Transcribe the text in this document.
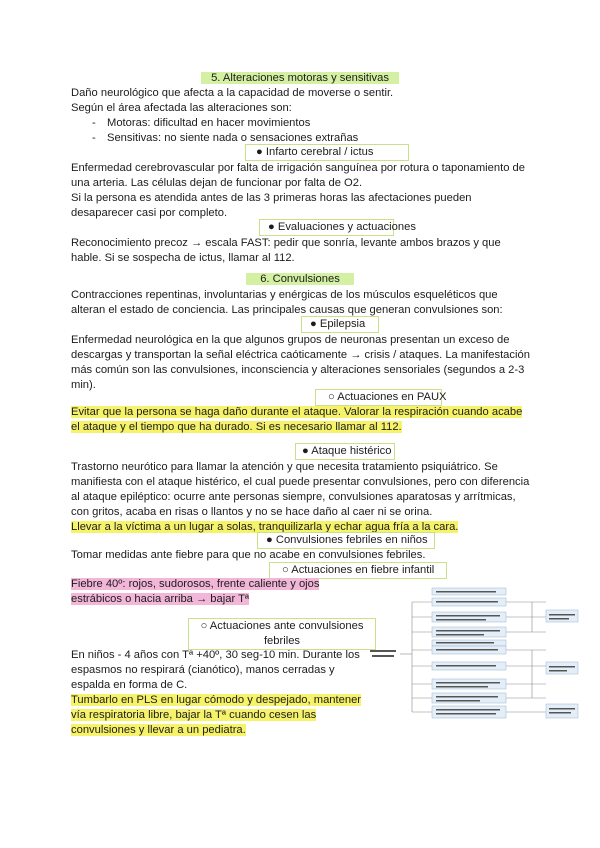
5. Alteraciones motoras y sensitivas
Daño neurológico que afecta a la capacidad de moverse o sentir.
Según el área afectada las alteraciones son:
- Motoras: dificultad en hacer movimientos
- Sensitivas: no siente nada o sensaciones extrañas
● Infarto cerebral / ictus
Enfermedad cerebrovascular por falta de irrigación sanguínea por rotura o taponamiento de
una arteria. Las células dejan de funcionar por falta de O2.
Si la persona es atendida antes de las 3 primeras horas las afectaciones pueden
desaparecer casi por completo.
● Evaluaciones y actuaciones
Reconocimiento precoz → escala FAST: pedir que sonría, levante ambos brazos y que
hable. Si se sospecha de ictus, llamar al 112.
6. Convulsiones
Contracciones repentinas, involuntarias y enérgicas de los músculos esqueléticos que
alteran el estado de conciencia. Las principales causas que generan convulsiones son:
● Epilepsia
Enfermedad neurológica en la que algunos grupos de neuronas presentan un exceso de
descargas y transportan la señal eléctrica caóticamente → crisis / ataques. La manifestación
más común son las convulsiones, inconsciencia y alteraciones sensoriales (segundos a 2-3
min).
○ Actuaciones en PAUX
Evitar que la persona se haga daño durante el ataque. Valorar la respiración cuando acabe
el ataque y el tiempo que ha durado. Si es necesario llamar al 112.
● Ataque histérico
Trastorno neurótico para llamar la atención y que necesita tratamiento psiquiátrico. Se
manifiesta con el ataque histérico, el cual puede presentar convulsiones, pero con diferencia
al ataque epiléptico: ocurre ante personas siempre, convulsiones aparatosas y arrítmicas,
con gritos, acaba en risas o llantos y no se hace daño al caer ni se orina.
Llevar a la víctima a un lugar a solas, tranquilizarla y echar agua fría a la cara.
● Convulsiones febriles en niños
Tomar medidas ante fiebre para que no acabe en convulsiones febriles.
○ Actuaciones en fiebre infantil
Fiebre 40º: rojos, sudorosos, frente caliente y ojos
estrábicos o hacia arriba → bajar Tª
○ Actuaciones ante convulsiones
febriles
En niños - 4 años con Tª +40º, 30 seg-10 min. Durante los
espasmos no respirará (cianótico), manos cerradas y
espalda en forma de C.
Tumbarlo en PLS en lugar cómodo y despejado, mantener
vía respiratoria libre, bajar la Tª cuando cesen las
convulsiones y llevar a un pediatra.
